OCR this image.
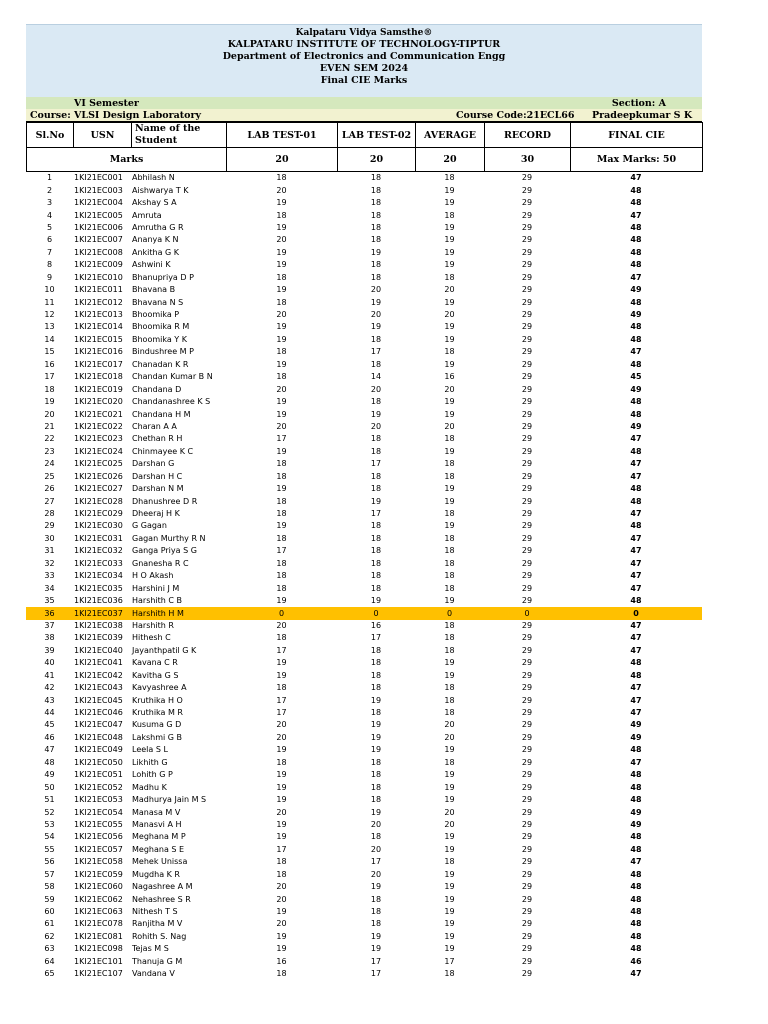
Kalpataru Vidya Samsthe®
KALPATARU INSTITUTE OF TECHNOLOGY-TIPTUR
Department of Electronics and Communication Engg
EVEN SEM 2024
Final CIE Marks
VI Semester	Section: A
Course: VLSI Design Laboratory	Course Code:21ECL66	Pradeepkumar S K
Sl.No	USN	Name of the Student	LAB TEST-01	LAB TEST-02	AVERAGE	RECORD	FINAL CIE
Marks			20	20	20	30	Max Marks: 50
1	1KI21EC001	Abhilash N	18	18	18	29	47
2	1KI21EC003	Aishwarya T K	20	18	19	29	48
3	1KI21EC004	Akshay S A	19	18	19	29	48
4	1KI21EC005	Amruta	18	18	18	29	47
5	1KI21EC006	Amrutha G R	19	18	19	29	48
6	1KI21EC007	Ananya K N	20	18	19	29	48
7	1KI21EC008	Ankitha G K	19	19	19	29	48
8	1KI21EC009	Ashwini K	19	18	19	29	48
9	1KI21EC010	Bhanupriya D P	18	18	18	29	47
10	1KI21EC011	Bhavana B	19	20	20	29	49
11	1KI21EC012	Bhavana N S	18	19	19	29	48
12	1KI21EC013	Bhoomika P	20	20	20	29	49
13	1KI21EC014	Bhoomika R M	19	19	19	29	48
14	1KI21EC015	Bhoomika Y K	19	18	19	29	48
15	1KI21EC016	Bindushree M P	18	17	18	29	47
16	1KI21EC017	Chanadan K R	19	18	19	29	48
17	1KI21EC018	Chandan Kumar B N	18	14	16	29	45
18	1KI21EC019	Chandana D	20	20	20	29	49
19	1KI21EC020	Chandanashree K S	19	18	19	29	48
20	1KI21EC021	Chandana H M	19	19	19	29	48
21	1KI21EC022	Charan A A	20	20	20	29	49
22	1KI21EC023	Chethan R H	17	18	18	29	47
23	1KI21EC024	Chinmayee K C	19	18	19	29	48
24	1KI21EC025	Darshan G	18	17	18	29	47
25	1KI21EC026	Darshan H C	18	18	18	29	47
26	1KI21EC027	Darshan N M	19	18	19	29	48
27	1KI21EC028	Dhanushree D R	18	19	19	29	48
28	1KI21EC029	Dheeraj H K	18	17	18	29	47
29	1KI21EC030	G Gagan	19	18	19	29	48
30	1KI21EC031	Gagan Murthy R N	18	18	18	29	47
31	1KI21EC032	Ganga Priya S G	17	18	18	29	47
32	1KI21EC033	Gnanesha R C	18	18	18	29	47
33	1KI21EC034	H O Akash	18	18	18	29	47
34	1KI21EC035	Harshini J M	18	18	18	29	47
35	1KI21EC036	Harshith C B	19	19	19	29	48
36	1KI21EC037	Harshith H M	0	0	0	0	0
37	1KI21EC038	Harshith R	20	16	18	29	47
38	1KI21EC039	Hithesh C	18	17	18	29	47
39	1KI21EC040	Jayanthpatil G K	17	18	18	29	47
40	1KI21EC041	Kavana C R	19	18	19	29	48
41	1KI21EC042	Kavitha G S	19	18	19	29	48
42	1KI21EC043	Kavyashree A	18	18	18	29	47
43	1KI21EC045	Kruthika H O	17	19	18	29	47
44	1KI21EC046	Kruthika M R	17	18	18	29	47
45	1KI21EC047	Kusuma G D	20	19	20	29	49
46	1KI21EC048	Lakshmi G B	20	19	20	29	49
47	1KI21EC049	Leela S L	19	19	19	29	48
48	1KI21EC050	Likhith G	18	18	18	29	47
49	1KI21EC051	Lohith G P	19	18	19	29	48
50	1KI21EC052	Madhu K	19	18	19	29	48
51	1KI21EC053	Madhurya Jain M S	19	18	19	29	48
52	1KI21EC054	Manasa M V	20	19	20	29	49
53	1KI21EC055	Manasvi A H	19	20	20	29	49
54	1KI21EC056	Meghana M P	19	18	19	29	48
55	1KI21EC057	Meghana S E	17	20	19	29	48
56	1KI21EC058	Mehek Unissa	18	17	18	29	47
57	1KI21EC059	Mugdha K R	18	20	19	29	48
58	1KI21EC060	Nagashree A M	20	19	19	29	48
59	1KI21EC062	Nehashree S R	20	18	19	29	48
60	1KI21EC063	Nithesh T S	19	18	19	29	48
61	1KI21EC078	Ranjitha M V	20	18	19	29	48
62	1KI21EC081	Rohith S. Nag	19	19	19	29	48
63	1KI21EC098	Tejas M S	19	19	19	29	48
64	1KI21EC101	Thanuja G M	16	17	17	29	46
65	1KI21EC107	Vandana V	18	17	18	29	47
